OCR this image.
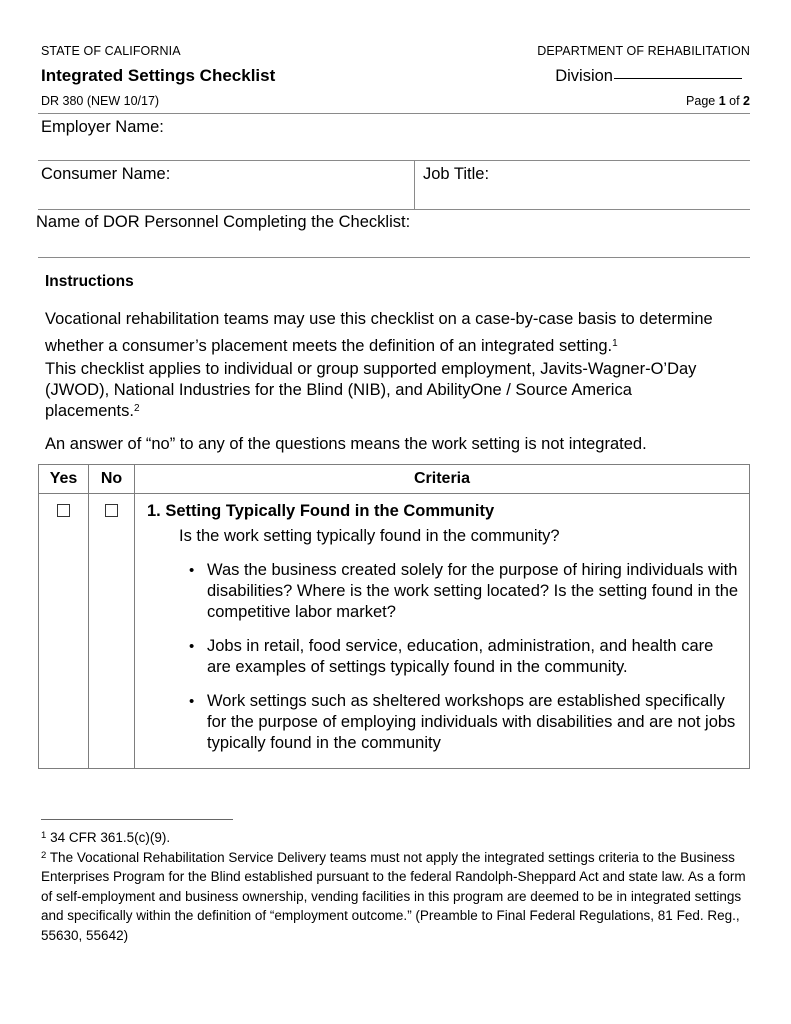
STATE OF CALIFORNIA	DEPARTMENT OF REHABILITATION
Integrated Settings Checklist	Division
DR 380 (NEW 10/17)	Page 1 of 2
Employer Name:
Consumer Name:	Job Title:
Name of DOR Personnel Completing the Checklist:
Instructions
Vocational rehabilitation teams may use this checklist on a case-by-case basis to determine whether a consumer’s placement meets the definition of an integrated setting.$^1$
This checklist applies to individual or group supported employment, Javits-Wagner-O’Day (JWOD), National Industries for the Blind (NIB), and AbilityOne / Source America placements.$^2$
An answer of “no” to any of the questions means the work setting is not integrated.
Yes	No	Criteria

1. Setting Typically Found in the Community
Is the work setting typically found in the community?
• Was the business created solely for the purpose of hiring individuals with disabilities? Where is the work setting located? Is the setting found in the competitive labor market?
• Jobs in retail, food service, education, administration, and health care are examples of settings typically found in the community.
• Work settings such as sheltered workshops are established specifically for the purpose of employing individuals with disabilities and are not jobs typically found in the community

$^1$ 34 CFR 361.5(c)(9).

$^2$ The Vocational Rehabilitation Service Delivery teams must not apply the integrated settings criteria to the Business Enterprises Program for the Blind established pursuant to the federal Randolph-Sheppard Act and state law. As a form of self-employment and business ownership, vending facilities in this program are deemed to be in integrated settings and specifically within the definition of “employment outcome.” (Preamble to Final Federal Regulations, 81 Fed. Reg., 55630, 55642)
